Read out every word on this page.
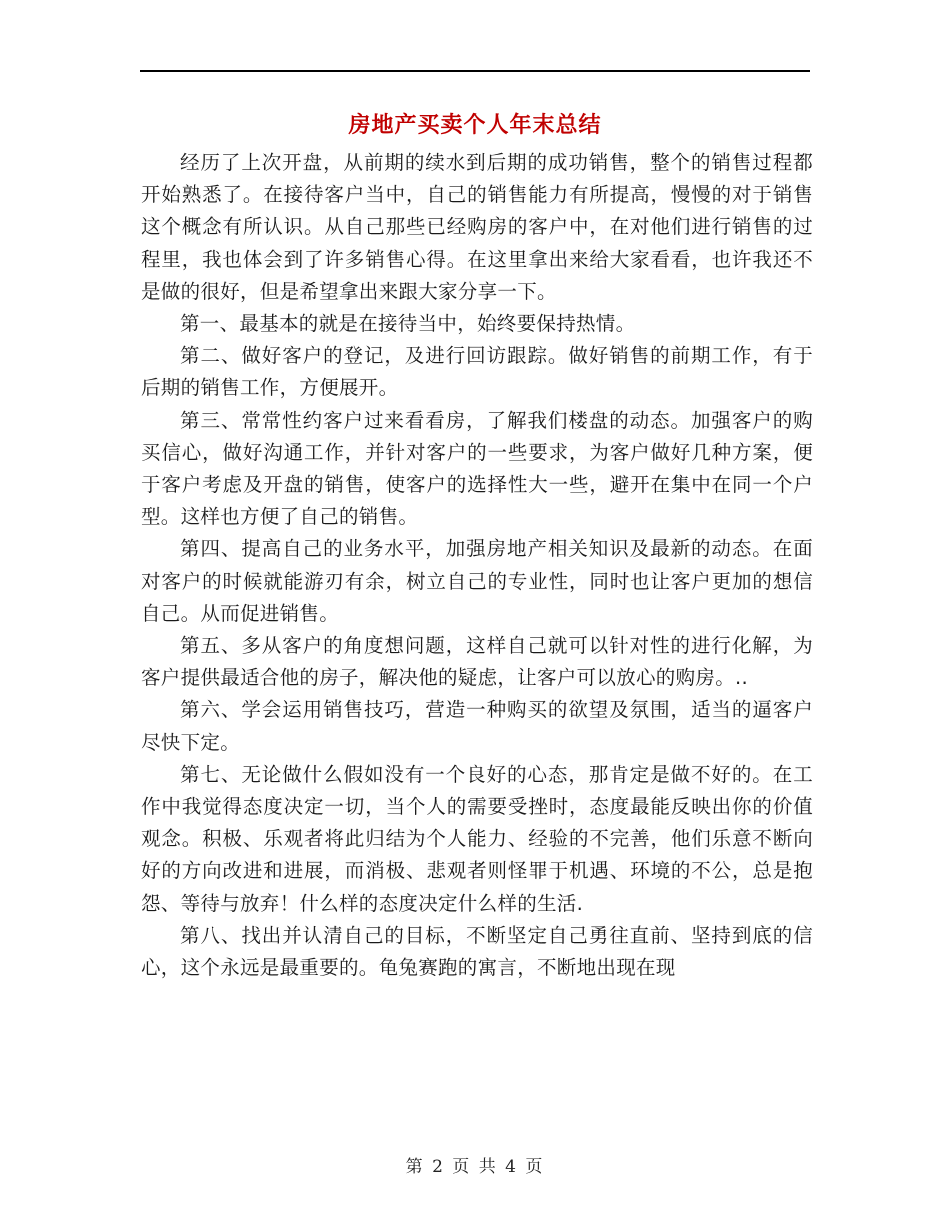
房地产买卖个人年末总结

经历了上次开盘，从前期的续水到后期的成功销售，整个的销售过程都开始熟悉了。在接待客户当中，自己的销售能力有所提高，慢慢的对于销售这个概念有所认识。从自己那些已经购房的客户中，在对他们进行销售的过程里，我也体会到了许多销售心得。在这里拿出来给大家看看，也许我还不是做的很好，但是希望拿出来跟大家分享一下。

第一、最基本的就是在接待当中，始终要保持热情。

第二、做好客户的登记，及进行回访跟踪。做好销售的前期工作，有于后期的销售工作，方便展开。

第三、常常性约客户过来看看房，了解我们楼盘的动态。加强客户的购买信心，做好沟通工作，并针对客户的一些要求，为客户做好几种方案，便于客户考虑及开盘的销售，使客户的选择性大一些，避开在集中在同一个户型。这样也方便了自己的销售。

第四、提高自己的业务水平，加强房地产相关知识及最新的动态。在面对客户的时候就能游刃有余，树立自己的专业性，同时也让客户更加的想信自己。从而促进销售。

第五、多从客户的角度想问题，这样自己就可以针对性的进行化解，为客户提供最适合他的房子，解决他的疑虑，让客户可以放心的购房。..

第六、学会运用销售技巧，营造一种购买的欲望及氛围，适当的逼客户尽快下定。

第七、无论做什么假如没有一个良好的心态，那肯定是做不好的。在工作中我觉得态度决定一切，当个人的需要受挫时，态度最能反映出你的价值观念。积极、乐观者将此归结为个人能力、经验的不完善，他们乐意不断向好的方向改进和进展，而消极、悲观者则怪罪于机遇、环境的不公，总是抱怨、等待与放弃！什么样的态度决定什么样的生活.

第八、找出并认清自己的目标，不断坚定自己勇往直前、坚持到底的信心，这个永远是最重要的。龟兔赛跑的寓言，不断地出现在现

第 2 页 共 4 页
